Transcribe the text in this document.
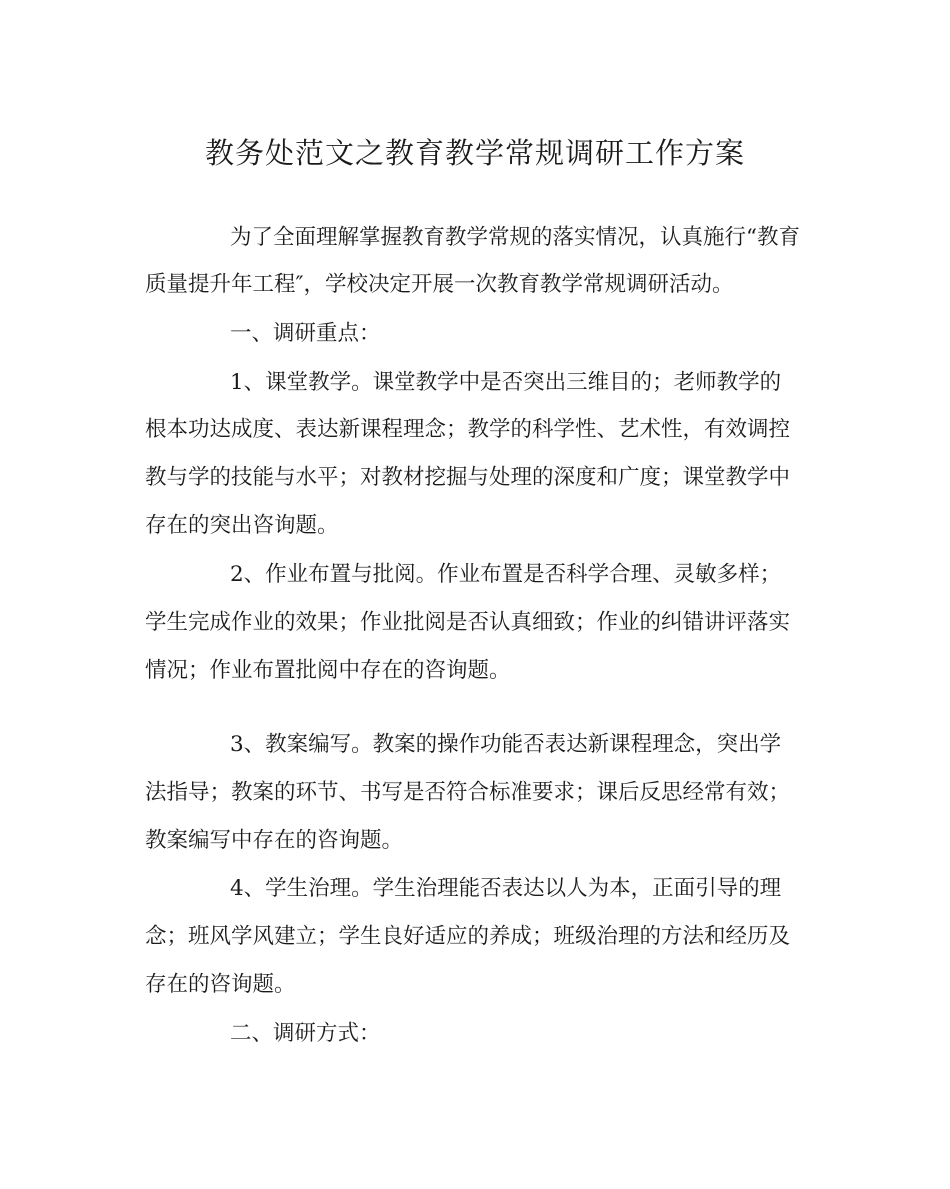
教务处范文之教育教学常规调研工作方案

为了全面理解掌握教育教学常规的落实情况，认真施行“教育

质量提升年工程″，学校决定开展一次教育教学常规调研活动。

一、调研重点：

1、课堂教学。课堂教学中是否突出三维目的；老师教学的

根本功达成度、表达新课程理念；教学的科学性、艺术性，有效调控

教与学的技能与水平；对教材挖掘与处理的深度和广度；课堂教学中

存在的突出咨询题。

2、作业布置与批阅。作业布置是否科学合理、灵敏多样；

学生完成作业的效果；作业批阅是否认真细致；作业的纠错讲评落实

情况；作业布置批阅中存在的咨询题。

3、教案编写。教案的操作功能否表达新课程理念，突出学

法指导；教案的环节、书写是否符合标准要求；课后反思经常有效；

教案编写中存在的咨询题。

4、学生治理。学生治理能否表达以人为本，正面引导的理

念；班风学风建立；学生良好适应的养成；班级治理的方法和经历及

存在的咨询题。

二、调研方式：
